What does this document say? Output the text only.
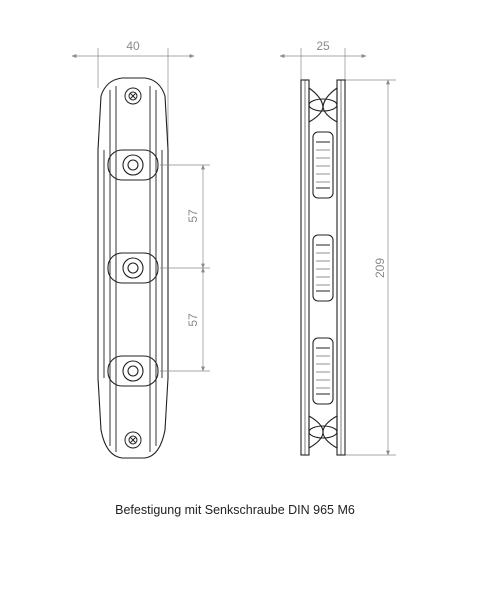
40
57
57
25
209
Befestigung mit Senkschraube DIN 965 M6
